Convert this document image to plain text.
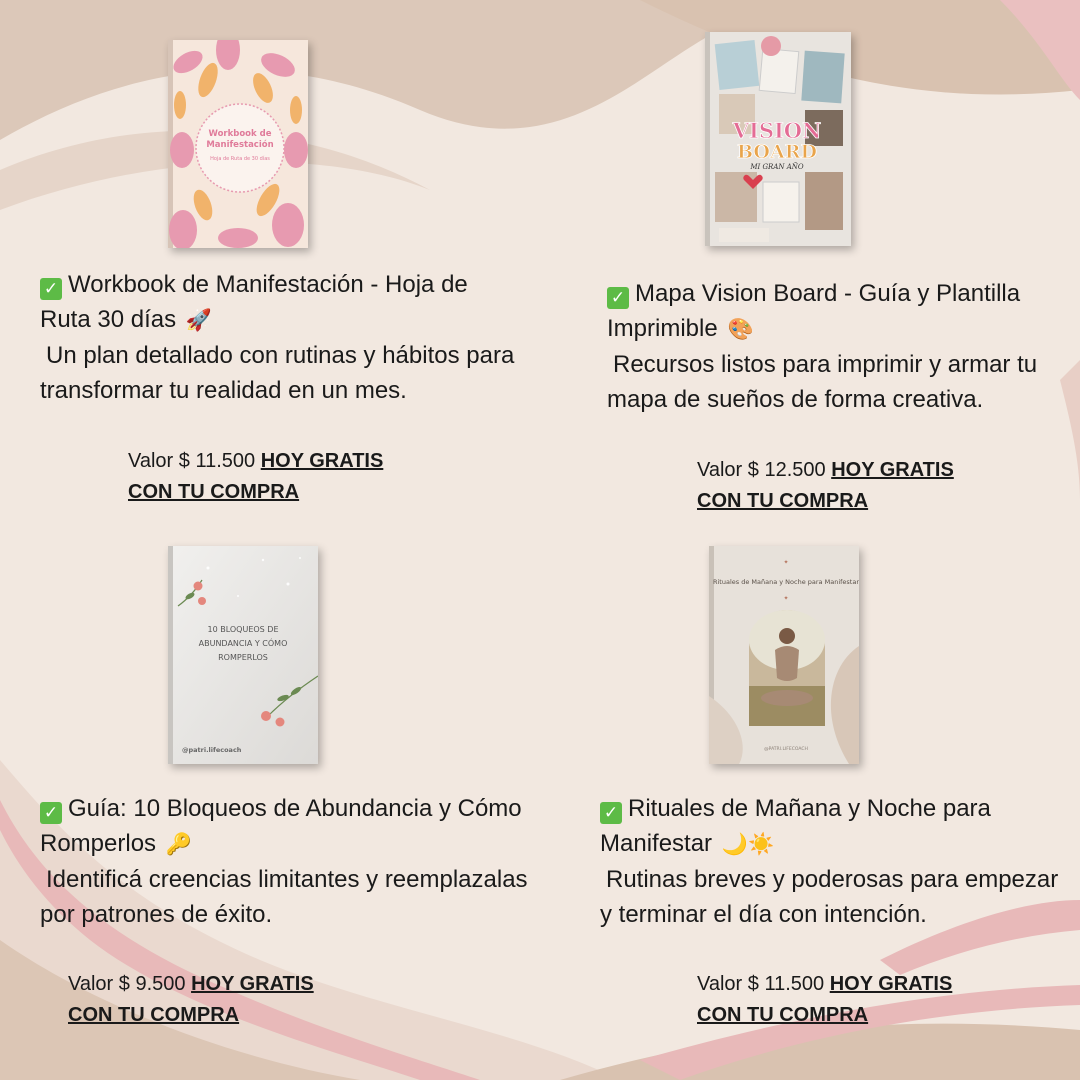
Workbook de
Manifestación
Hoja de Ruta de 30 días
✓ Workbook de Manifestación - Hoja de Ruta 30 días 🚀
Un plan detallado con rutinas y hábitos para transformar tu realidad en un mes.
Valor $ 11.500 HOY GRATIS
CON TU COMPRA
VISION
BOARD
MI GRAN AÑO
✓ Mapa Vision Board - Guía y Plantilla Imprimible 🎨
Recursos listos para imprimir y armar tu mapa de sueños de forma creativa.
Valor $ 12.500 HOY GRATIS
CON TU COMPRA
10 BLOQUEOS DE
ABUNDANCIA Y CÓMO
ROMPERLOS
@patri.lifecoach
✓ Guía: 10 Bloqueos de Abundancia y Cómo Romperlos 🔑
Identificá creencias limitantes y reemplazalas por patrones de éxito.
Valor $ 9.500 HOY GRATIS
CON TU COMPRA
✦
Rituales de Mañana y Noche para Manifestar
✦
@PATRI.LIFECOACH
✓ Rituales de Mañana y Noche para Manifestar 🌙☀️
Rutinas breves y poderosas para empezar y terminar el día con intención.
Valor $ 11.500 HOY GRATIS
CON TU COMPRA
